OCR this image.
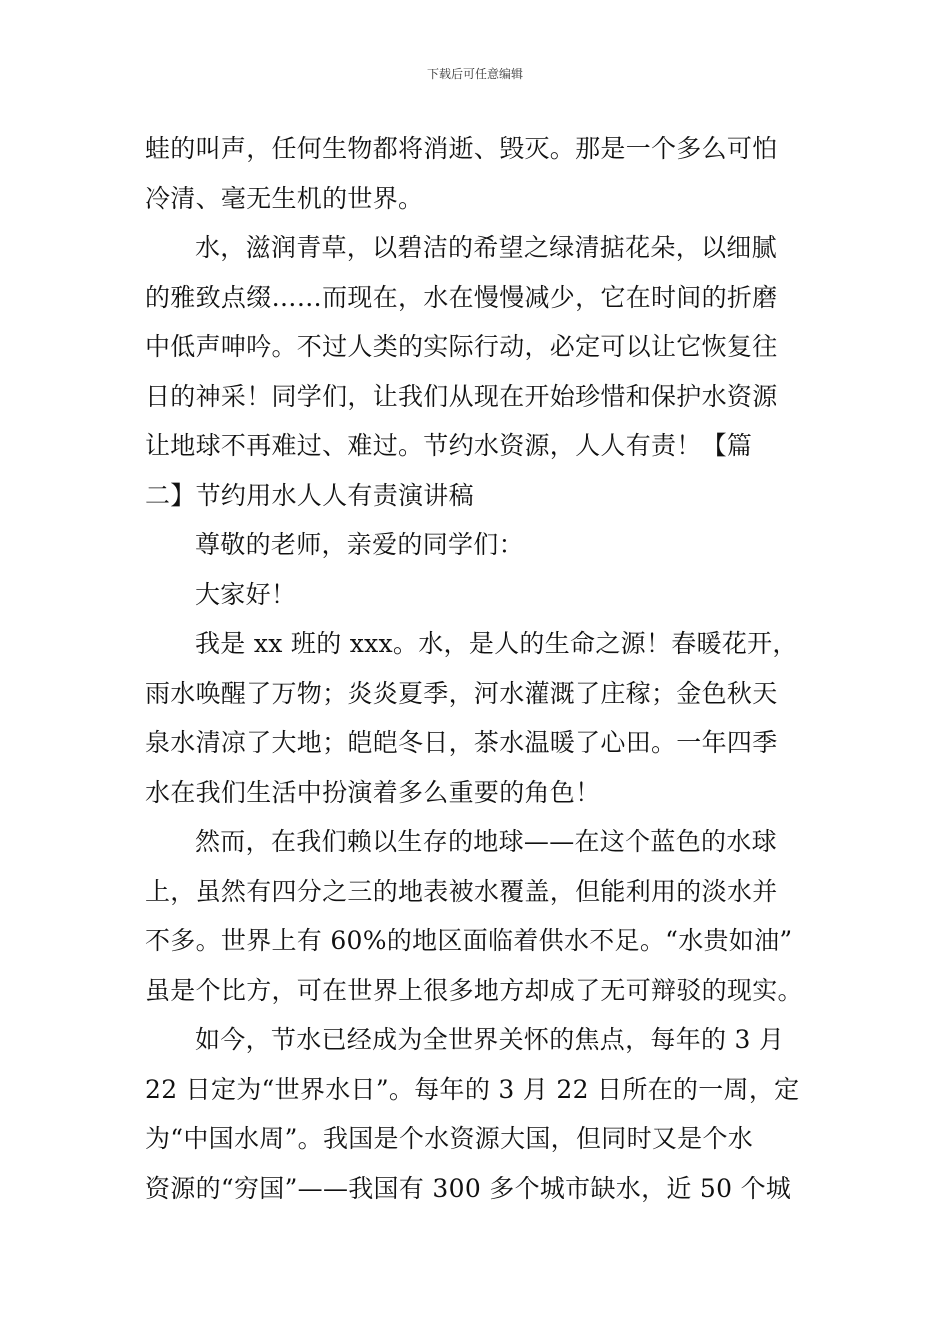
下载后可任意编辑
蛙的叫声，任何生物都将消逝、毁灭。那是一个多么可怕
冷清、毫无生机的世界。
水，滋润青草，以碧洁的希望之绿清掂花朵，以细腻
的雅致点缀……而现在，水在慢慢减少，它在时间的折磨
中低声呻吟。不过人类的实际行动，必定可以让它恢复往
日的神采！同学们，让我们从现在开始珍惜和保护水资源
让地球不再难过、难过。节约水资源，人人有责！【篇
二】节约用水人人有责演讲稿
尊敬的老师，亲爱的同学们：
大家好！
我是 xx 班的 xxx。水，是人的生命之源！春暖花开，
雨水唤醒了万物；炎炎夏季，河水灌溉了庄稼；金色秋天
泉水清凉了大地；皑皑冬日，茶水温暖了心田。一年四季
水在我们生活中扮演着多么重要的角色！
然而，在我们赖以生存的地球——在这个蓝色的水球
上，虽然有四分之三的地表被水覆盖，但能利用的淡水并
不多。世界上有 60%的地区面临着供水不足。“水贵如油”
虽是个比方，可在世界上很多地方却成了无可辩驳的现实。
如今，节水已经成为全世界关怀的焦点，每年的 3 月
22 日定为“世界水日”。每年的 3 月 22 日所在的一周，定
为“中国水周”。我国是个水资源大国，但同时又是个水
资源的“穷国”——我国有 300 多个城市缺水，近 50 个城
